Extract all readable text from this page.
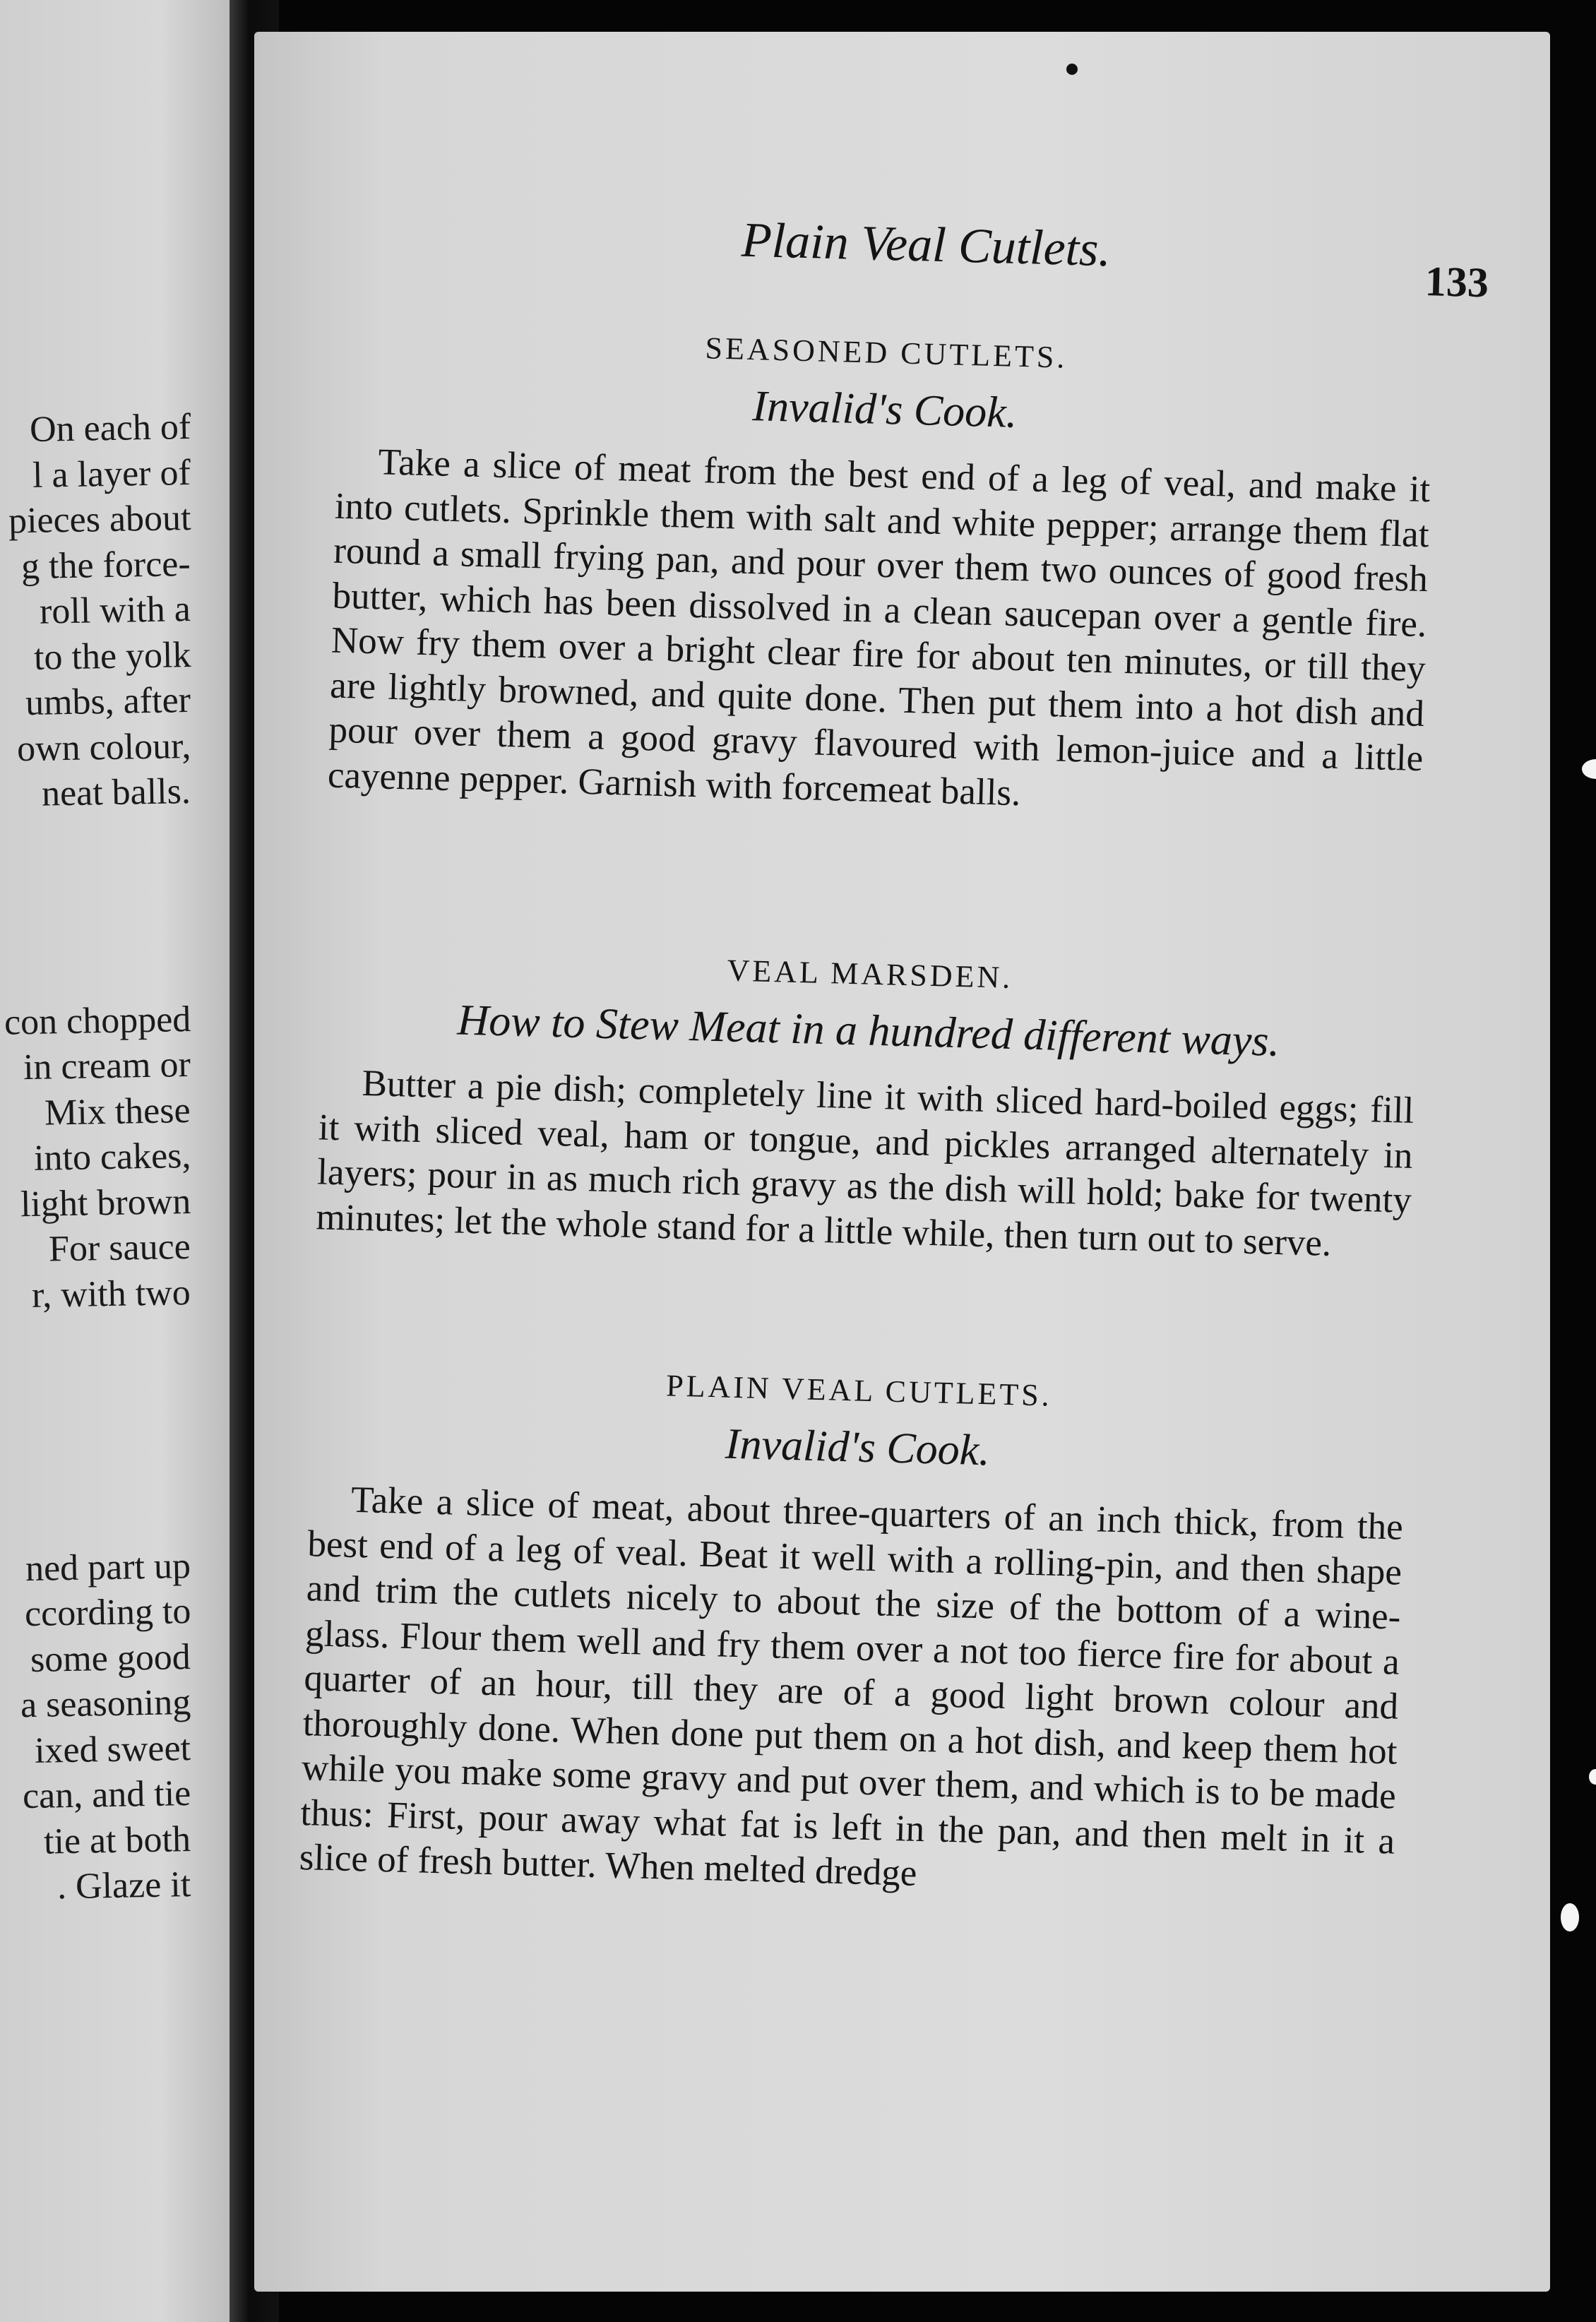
On each of
l a layer of
pieces about
g the force-
roll with a
to the yolk
umbs, after
own colour,
neat balls.
con chopped
in cream or
Mix these
into cakes,
light brown
For sauce
r, with two
ned part up
ccording to
some good
a seasoning
ixed sweet
can, and tie
tie at both
. Glaze it
Plain Veal Cutlets.
133
SEASONED CUTLETS.
Invalid's Cook.

Take a slice of meat from the best end of a leg of veal, and make it into cutlets. Sprinkle them with salt and white pepper; arrange them flat round a small frying pan, and pour over them two ounces of good fresh butter, which has been dissolved in a clean saucepan over a gentle fire. Now fry them over a bright clear fire for about ten minutes, or till they are lightly browned, and quite done. Then put them into a hot dish and pour over them a good gravy flavoured with lemon-juice and a little cayenne pepper. Garnish with forcemeat balls.

VEAL MARSDEN.
How to Stew Meat in a hundred different ways.

Butter a pie dish; completely line it with sliced hard-boiled eggs; fill it with sliced veal, ham or tongue, and pickles arranged alternately in layers; pour in as much rich gravy as the dish will hold; bake for twenty minutes; let the whole stand for a little while, then turn out to serve.

PLAIN VEAL CUTLETS.
Invalid's Cook.

Take a slice of meat, about three-quarters of an inch thick, from the best end of a leg of veal. Beat it well with a rolling-pin, and then shape and trim the cutlets nicely to about the size of the bottom of a wine-glass. Flour them well and fry them over a not too fierce fire for about a quarter of an hour, till they are of a good light brown colour and thoroughly done. When done put them on a hot dish, and keep them hot while you make some gravy and put over them, and which is to be made thus: First, pour away what fat is left in the pan, and then melt in it a slice of fresh butter. When melted dredge
